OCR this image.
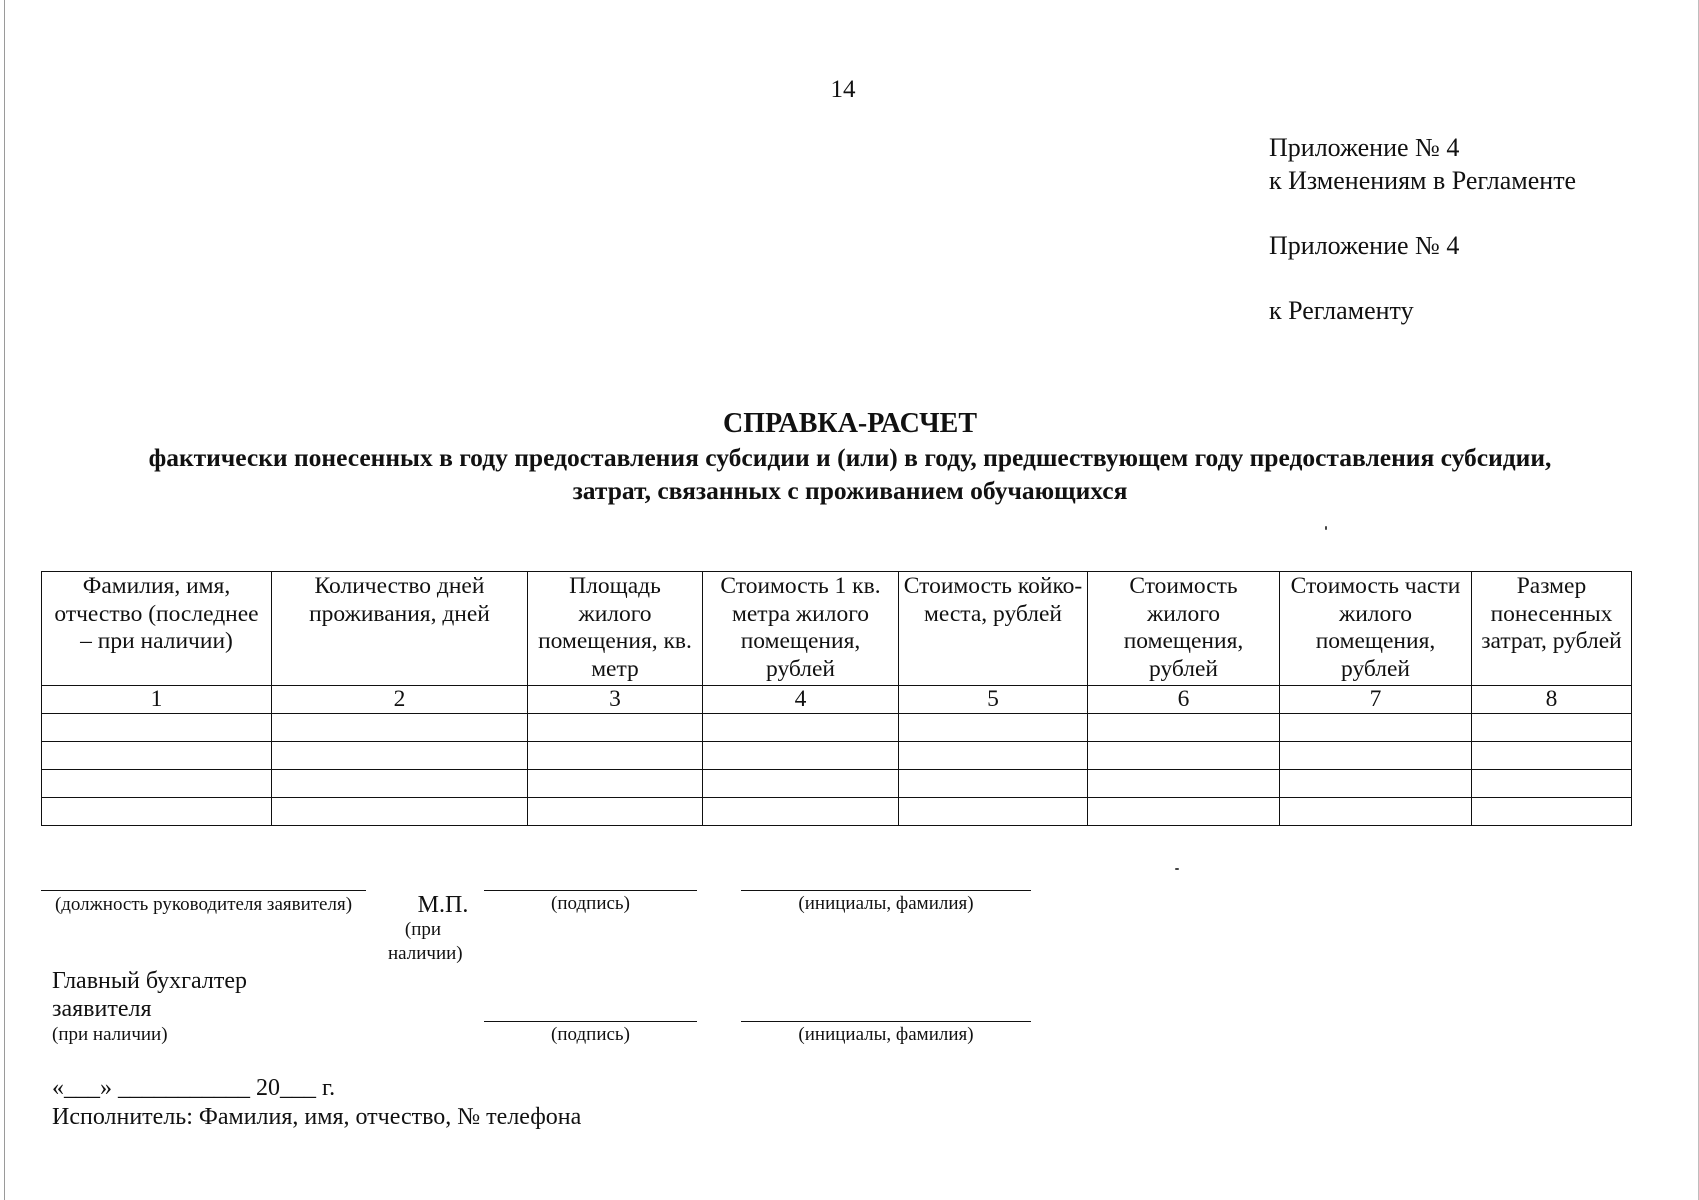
14
Приложение № 4
к Изменениям в Регламенте
Приложение № 4
к Регламенту
СПРАВКА-РАСЧЕТ
фактически понесенных в году предоставления субсидии и (или) в году, предшествующем году предоставления субсидии,
затрат, связанных с проживанием обучающихся
Фамилия, имя, отчество (последнее – при наличии)	Количество дней проживания, дней	Площадь жилого помещения, кв. метр	Стоимость 1 кв. метра жилого помещения, рублей	Стоимость койко-места, рублей	Стоимость жилого помещения, рублей	Стоимость части жилого помещения, рублей	Размер понесенных затрат, рублей
1	2	3	4	5	6	7	8

(должность руководителя заявителя)	М.П.
(при наличии)
(подпись)	(инициалы, фамилия)
Главный бухгалтер
заявителя
(при наличии)	(подпись)	(инициалы, фамилия)
«___» ___________ 20___ г.
Исполнитель: Фамилия, имя, отчество, № телефона
